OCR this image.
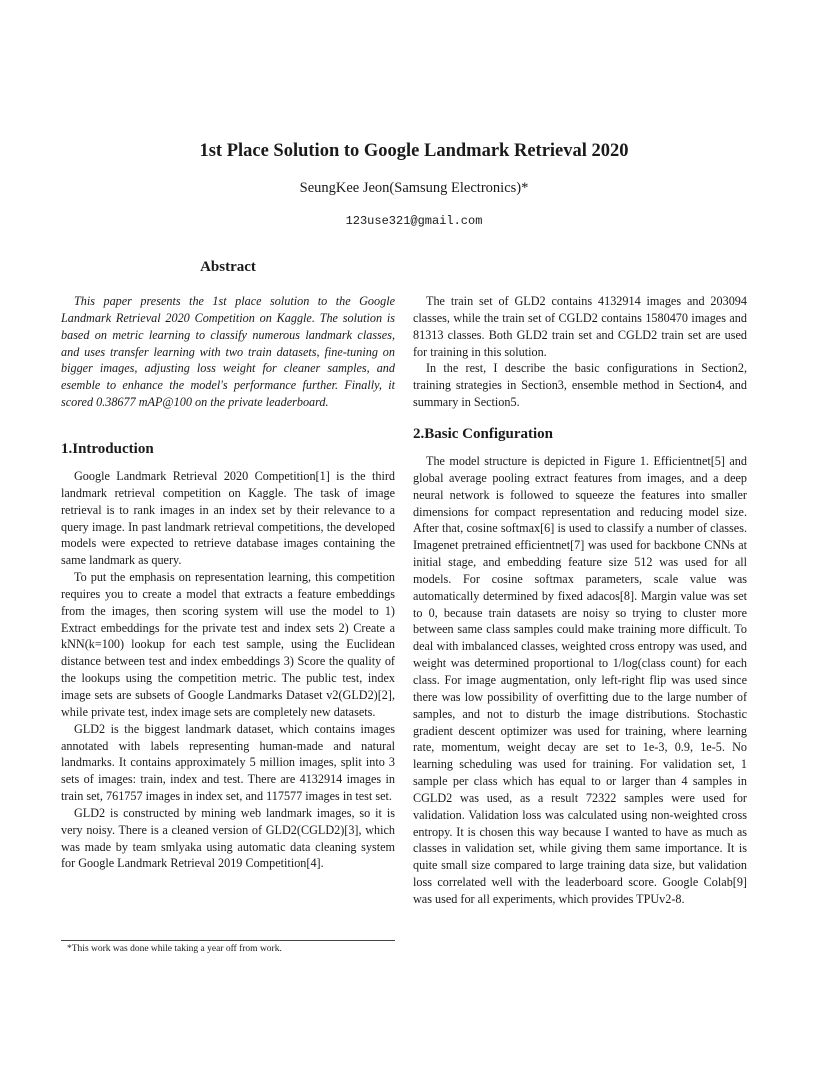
1st Place Solution to Google Landmark Retrieval 2020
SeungKee Jeon(Samsung Electronics)*
123use321@gmail.com
Abstract

This paper presents the 1st place solution to the Google Landmark Retrieval 2020 Competition on Kaggle. The solution is based on metric learning to classify numerous landmark classes, and uses transfer learning with two train datasets, fine-tuning on bigger images, adjusting loss weight for cleaner samples, and esemble to enhance the model's performance further. Finally, it scored 0.38677 mAP@100 on the private leaderboard.

1.Introduction

Google Landmark Retrieval 2020 Competition[1] is the third landmark retrieval competition on Kaggle. The task of image retrieval is to rank images in an index set by their relevance to a query image. In past landmark retrieval competitions, the developed models were expected to retrieve database images containing the same landmark as query.

To put the emphasis on representation learning, this competition requires you to create a model that extracts a feature embeddings from the images, then scoring system will use the model to 1) Extract embeddings for the private test and index sets 2) Create a kNN(k=100) lookup for each test sample, using the Euclidean distance between test and index embeddings 3) Score the quality of the lookups using the competition metric. The public test, index image sets are subsets of Google Landmarks Dataset v2(GLD2)[2], while private test, index image sets are completely new datasets.

GLD2 is the biggest landmark dataset, which contains images annotated with labels representing human-made and natural landmarks. It contains approximately 5 million images, split into 3 sets of images: train, index and test. There are 4132914 images in train set, 761757 images in index set, and 117577 images in test set.

GLD2 is constructed by mining web landmark images, so it is very noisy. There is a cleaned version of GLD2(CGLD2)[3], which was made by team smlyaka using automatic data cleaning system for Google Landmark Retrieval 2019 Competition[4].

*This work was done while taking a year off from work.

The train set of GLD2 contains 4132914 images and 203094 classes, while the train set of CGLD2 contains 1580470 images and 81313 classes. Both GLD2 train set and CGLD2 train set are used for training in this solution.

In the rest, I describe the basic configurations in Section2, training strategies in Section3, ensemble method in Section4, and summary in Section5.

2.Basic Configuration

The model structure is depicted in Figure 1. Efficientnet[5] and global average pooling extract features from images, and a deep neural network is followed to squeeze the features into smaller dimensions for compact representation and reducing model size. After that, cosine softmax[6] is used to classify a number of classes. Imagenet pretrained efficientnet[7] was used for backbone CNNs at initial stage, and embedding feature size 512 was used for all models. For cosine softmax parameters, scale value was automatically determined by fixed adacos[8]. Margin value was set to 0, because train datasets are noisy so trying to cluster more between same class samples could make training more difficult. To deal with imbalanced classes, weighted cross entropy was used, and weight was determined proportional to 1/log(class count) for each class. For image augmentation, only left-right flip was used since there was low possibility of overfitting due to the large number of samples, and not to disturb the image distributions. Stochastic gradient descent optimizer was used for training, where learning rate, momentum, weight decay are set to 1e-3, 0.9, 1e-5. No learning scheduling was used for training. For validation set, 1 sample per class which has equal to or larger than 4 samples in CGLD2 was used, as a result 72322 samples were used for validation. Validation loss was calculated using non-weighted cross entropy. It is chosen this way because I wanted to have as much as classes in validation set, while giving them same importance. It is quite small size compared to large training data size, but validation loss correlated well with the leaderboard score. Google Colab[9] was used for all experiments, which provides TPUv2-8.
